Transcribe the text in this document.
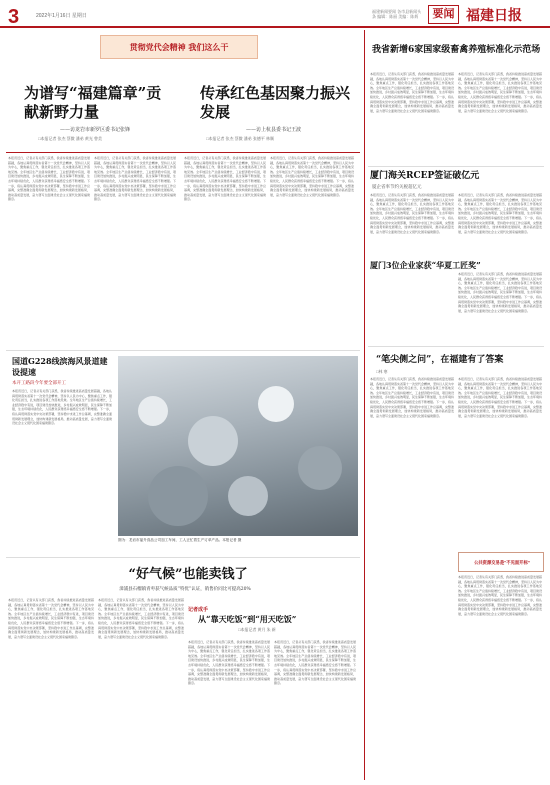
3	2022年1月16日 星期日
福建新闻要闻 各市县新闻头条 编辑：陈丽 美编：陈炳	要闻 福建日报
贯彻党代会精神 我们这么干
为谱写“福建篇章”贡献新野力量
——访龙岩市新罗区委书记张锋
□本报记者 张杰 蔡微 潘弟 黄光 曾美
传承红色基因聚力振兴发展
——访上杭县委书记王波
□本报记者 张杰 蔡微 潘弟 张德平 林顺
本报讯近日，记者从有关部门获悉，我省持续推进高质量发展超越，各地认真贯彻落实省第十一次党代会精神，坚持以人民为中心，聚焦重点工作，强化责任担当，扎实推进各项工作落地见效。全年地区生产总值持续增长，工业经济稳中有进，项目建设加快推进，乡村振兴成效明显，民生保障不断加强，生态环境持续优化，人民群众获得感幸福感安全感不断增强。下一步，将认真贯彻落实党中央决策部署，坚持稳中求进工作总基调，完整准确全面贯彻新发展理念，加快构建新发展格局，推动高质量发展，奋力谱写全面建设社会主义现代化国家福建篇章。
本报讯近日，记者从有关部门获悉，我省持续推进高质量发展超越，各地认真贯彻落实省第十一次党代会精神，坚持以人民为中心，聚焦重点工作，强化责任担当，扎实推进各项工作落地见效。全年地区生产总值持续增长，工业经济稳中有进，项目建设加快推进，乡村振兴成效明显，民生保障不断加强，生态环境持续优化，人民群众获得感幸福感安全感不断增强。下一步，将认真贯彻落实党中央决策部署，坚持稳中求进工作总基调，完整准确全面贯彻新发展理念，加快构建新发展格局，推动高质量发展，奋力谱写全面建设社会主义现代化国家福建篇章。
本报讯近日，记者从有关部门获悉，我省持续推进高质量发展超越，各地认真贯彻落实省第十一次党代会精神，坚持以人民为中心，聚焦重点工作，强化责任担当，扎实推进各项工作落地见效。全年地区生产总值持续增长，工业经济稳中有进，项目建设加快推进，乡村振兴成效明显，民生保障不断加强，生态环境持续优化，人民群众获得感幸福感安全感不断增强。下一步，将认真贯彻落实党中央决策部署，坚持稳中求进工作总基调，完整准确全面贯彻新发展理念，加快构建新发展格局，推动高质量发展，奋力谱写全面建设社会主义现代化国家福建篇章。
本报讯近日，记者从有关部门获悉，我省持续推进高质量发展超越，各地认真贯彻落实省第十一次党代会精神，坚持以人民为中心，聚焦重点工作，强化责任担当，扎实推进各项工作落地见效。全年地区生产总值持续增长，工业经济稳中有进，项目建设加快推进，乡村振兴成效明显，民生保障不断加强，生态环境持续优化，人民群众获得感幸福感安全感不断增强。下一步，将认真贯彻落实党中央决策部署，坚持稳中求进工作总基调，完整准确全面贯彻新发展理念，加快构建新发展格局，推动高质量发展，奋力谱写全面建设社会主义现代化国家福建篇章。
国道G228线滨海风景道建设提速
本开工路段今年要全部开工
本报讯近日，记者从有关部门获悉，我省持续推进高质量发展超越，各地认真贯彻落实省第十一次党代会精神，坚持以人民为中心，聚焦重点工作，强化责任担当，扎实推进各项工作落地见效。全年地区生产总值持续增长，工业经济稳中有进，项目建设加快推进，乡村振兴成效明显，民生保障不断加强，生态环境持续优化，人民群众获得感幸福感安全感不断增强。下一步，将认真贯彻落实党中央决策部署，坚持稳中求进工作总基调，完整准确全面贯彻新发展理念，加快构建新发展格局，推动高质量发展，奋力谱写全面建设社会主义现代化国家福建篇章。
图为：龙岩市福升食品公司加工车间，工人正忙着生产订单产品。本报记者 摄
“好气候”也能卖钱了
漳浦县石榴镇青枣获气候品质“特优”认证，销售价同比可提高20%
本报讯近日，记者从有关部门获悉，我省持续推进高质量发展超越，各地认真贯彻落实省第十一次党代会精神，坚持以人民为中心，聚焦重点工作，强化责任担当，扎实推进各项工作落地见效。全年地区生产总值持续增长，工业经济稳中有进，项目建设加快推进，乡村振兴成效明显，民生保障不断加强，生态环境持续优化，人民群众获得感幸福感安全感不断增强。下一步，将认真贯彻落实党中央决策部署，坚持稳中求进工作总基调，完整准确全面贯彻新发展理念，加快构建新发展格局，推动高质量发展，奋力谱写全面建设社会主义现代化国家福建篇章。
本报讯近日，记者从有关部门获悉，我省持续推进高质量发展超越，各地认真贯彻落实省第十一次党代会精神，坚持以人民为中心，聚焦重点工作，强化责任担当，扎实推进各项工作落地见效。全年地区生产总值持续增长，工业经济稳中有进，项目建设加快推进，乡村振兴成效明显，民生保障不断加强，生态环境持续优化，人民群众获得感幸福感安全感不断增强。下一步，将认真贯彻落实党中央决策部署，坚持稳中求进工作总基调，完整准确全面贯彻新发展理念，加快构建新发展格局，推动高质量发展，奋力谱写全面建设社会主义现代化国家福建篇章。
记者成手
从“靠天吃饭”到“用天吃饭”
□本报记者 黄月 朱 新
本报讯近日，记者从有关部门获悉，我省持续推进高质量发展超越，各地认真贯彻落实省第十一次党代会精神，坚持以人民为中心，聚焦重点工作，强化责任担当，扎实推进各项工作落地见效。全年地区生产总值持续增长，工业经济稳中有进，项目建设加快推进，乡村振兴成效明显，民生保障不断加强，生态环境持续优化，人民群众获得感幸福感安全感不断增强。下一步，将认真贯彻落实党中央决策部署，坚持稳中求进工作总基调，完整准确全面贯彻新发展理念，加快构建新发展格局，推动高质量发展，奋力谱写全面建设社会主义现代化国家福建篇章。
本报讯近日，记者从有关部门获悉，我省持续推进高质量发展超越，各地认真贯彻落实省第十一次党代会精神，坚持以人民为中心，聚焦重点工作，强化责任担当，扎实推进各项工作落地见效。全年地区生产总值持续增长，工业经济稳中有进，项目建设加快推进，乡村振兴成效明显，民生保障不断加强，生态环境持续优化，人民群众获得感幸福感安全感不断增强。下一步，将认真贯彻落实党中央决策部署，坚持稳中求进工作总基调，完整准确全面贯彻新发展理念，加快构建新发展格局，推动高质量发展，奋力谱写全面建设社会主义现代化国家福建篇章。
我省新增6家国家级畜禽养殖标准化示范场
本报讯近日，记者从有关部门获悉，我省持续推进高质量发展超越，各地认真贯彻落实省第十一次党代会精神，坚持以人民为中心，聚焦重点工作，强化责任担当，扎实推进各项工作落地见效。全年地区生产总值持续增长，工业经济稳中有进，项目建设加快推进，乡村振兴成效明显，民生保障不断加强，生态环境持续优化，人民群众获得感幸福感安全感不断增强。下一步，将认真贯彻落实党中央决策部署，坚持稳中求进工作总基调，完整准确全面贯彻新发展理念，加快构建新发展格局，推动高质量发展，奋力谱写全面建设社会主义现代化国家福建篇章。
本报讯近日，记者从有关部门获悉，我省持续推进高质量发展超越，各地认真贯彻落实省第十一次党代会精神，坚持以人民为中心，聚焦重点工作，强化责任担当，扎实推进各项工作落地见效。全年地区生产总值持续增长，工业经济稳中有进，项目建设加快推进，乡村振兴成效明显，民生保障不断加强，生态环境持续优化，人民群众获得感幸福感安全感不断增强。下一步，将认真贯彻落实党中央决策部署，坚持稳中求进工作总基调，完整准确全面贯彻新发展理念，加快构建新发展格局，推动高质量发展，奋力谱写全面建设社会主义现代化国家福建篇章。
厦门海关RCEP签证破亿元
厦企省率节约关税超亿元
本报讯近日，记者从有关部门获悉，我省持续推进高质量发展超越，各地认真贯彻落实省第十一次党代会精神，坚持以人民为中心，聚焦重点工作，强化责任担当，扎实推进各项工作落地见效。全年地区生产总值持续增长，工业经济稳中有进，项目建设加快推进，乡村振兴成效明显，民生保障不断加强，生态环境持续优化，人民群众获得感幸福感安全感不断增强。下一步，将认真贯彻落实党中央决策部署，坚持稳中求进工作总基调，完整准确全面贯彻新发展理念，加快构建新发展格局，推动高质量发展，奋力谱写全面建设社会主义现代化国家福建篇章。
本报讯近日，记者从有关部门获悉，我省持续推进高质量发展超越，各地认真贯彻落实省第十一次党代会精神，坚持以人民为中心，聚焦重点工作，强化责任担当，扎实推进各项工作落地见效。全年地区生产总值持续增长，工业经济稳中有进，项目建设加快推进，乡村振兴成效明显，民生保障不断加强，生态环境持续优化，人民群众获得感幸福感安全感不断增强。下一步，将认真贯彻落实党中央决策部署，坚持稳中求进工作总基调，完整准确全面贯彻新发展理念，加快构建新发展格局，推动高质量发展，奋力谱写全面建设社会主义现代化国家福建篇章。
厦门3位企业家获“华夏工匠奖”
本报讯近日，记者从有关部门获悉，我省持续推进高质量发展超越，各地认真贯彻落实省第十一次党代会精神，坚持以人民为中心，聚焦重点工作，强化责任担当，扎实推进各项工作落地见效。全年地区生产总值持续增长，工业经济稳中有进，项目建设加快推进，乡村振兴成效明显，民生保障不断加强，生态环境持续优化，人民群众获得感幸福感安全感不断增强。下一步，将认真贯彻落实党中央决策部署，坚持稳中求进工作总基调，完整准确全面贯彻新发展理念，加快构建新发展格局，推动高质量发展，奋力谱写全面建设社会主义现代化国家福建篇章。
“笔尖侧之问”，在福建有了答案
□林 寒
本报讯近日，记者从有关部门获悉，我省持续推进高质量发展超越，各地认真贯彻落实省第十一次党代会精神，坚持以人民为中心，聚焦重点工作，强化责任担当，扎实推进各项工作落地见效。全年地区生产总值持续增长，工业经济稳中有进，项目建设加快推进，乡村振兴成效明显，民生保障不断加强，生态环境持续优化，人民群众获得感幸福感安全感不断增强。下一步，将认真贯彻落实党中央决策部署，坚持稳中求进工作总基调，完整准确全面贯彻新发展理念，加快构建新发展格局，推动高质量发展，奋力谱写全面建设社会主义现代化国家福建篇章。
本报讯近日，记者从有关部门获悉，我省持续推进高质量发展超越，各地认真贯彻落实省第十一次党代会精神，坚持以人民为中心，聚焦重点工作，强化责任担当，扎实推进各项工作落地见效。全年地区生产总值持续增长，工业经济稳中有进，项目建设加快推进，乡村振兴成效明显，民生保障不断加强，生态环境持续优化，人民群众获得感幸福感安全感不断增强。下一步，将认真贯彻落实党中央决策部署，坚持稳中求进工作总基调，完整准确全面贯彻新发展理念，加快构建新发展格局，推动高质量发展，奋力谱写全面建设社会主义现代化国家福建篇章。
公共资源交易是“不见面开标”
本报讯近日，记者从有关部门获悉，我省持续推进高质量发展超越，各地认真贯彻落实省第十一次党代会精神，坚持以人民为中心，聚焦重点工作，强化责任担当，扎实推进各项工作落地见效。全年地区生产总值持续增长，工业经济稳中有进，项目建设加快推进，乡村振兴成效明显，民生保障不断加强，生态环境持续优化，人民群众获得感幸福感安全感不断增强。下一步，将认真贯彻落实党中央决策部署，坚持稳中求进工作总基调，完整准确全面贯彻新发展理念，加快构建新发展格局，推动高质量发展，奋力谱写全面建设社会主义现代化国家福建篇章。
